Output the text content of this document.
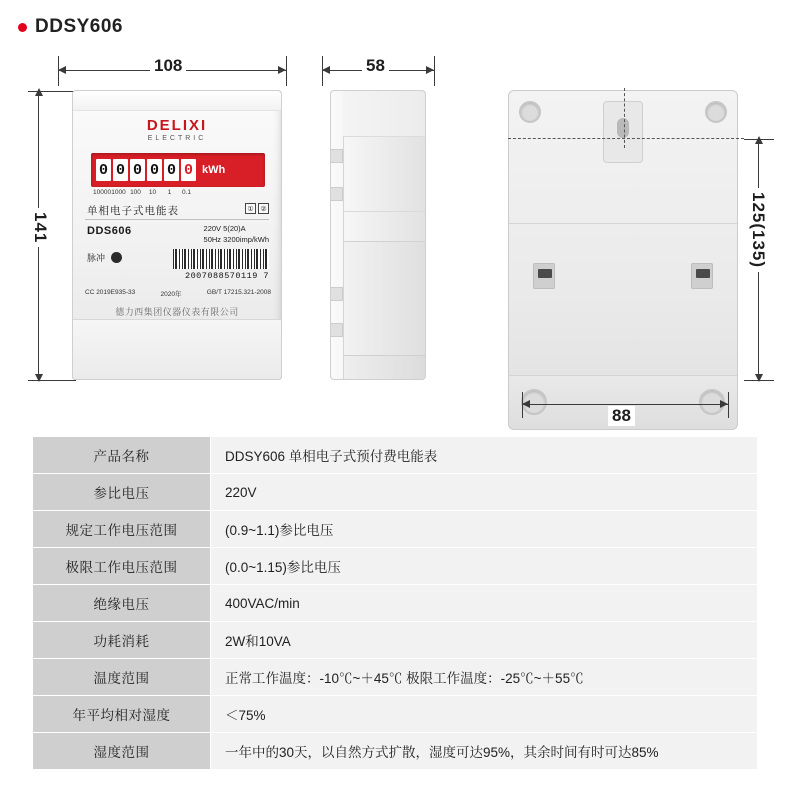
DDSY606
108	58
141
DELIXI
ELECTRIC
0 0 0 0 0 0 kWh
10000 1000 100	10	1	0.1
单相电子式电能表	① ②
DDS606	220V 5(20)A
50Hz 3200imp/kWh
脉冲
2007088570119 7
CC 2019E935-33	2020年	GB/T 17215.321-2008
德力西集团仪器仪表有限公司
125(135)
88
产品名称	DDSY606 单相电子式预付费电能表
参比电压	220V
规定工作电压范围	(0.9~1.1)参比电压
极限工作电压范围	(0.0~1.15)参比电压
绝缘电压	400VAC/min
功耗消耗	2W和10VA
温度范围	正常工作温度：-10℃~＋45℃ 极限工作温度：-25℃~＋55℃
年平均相对湿度	＜75%
湿度范围	一年中的30天，以自然方式扩散，湿度可达95%，其余时间有时可达85%
